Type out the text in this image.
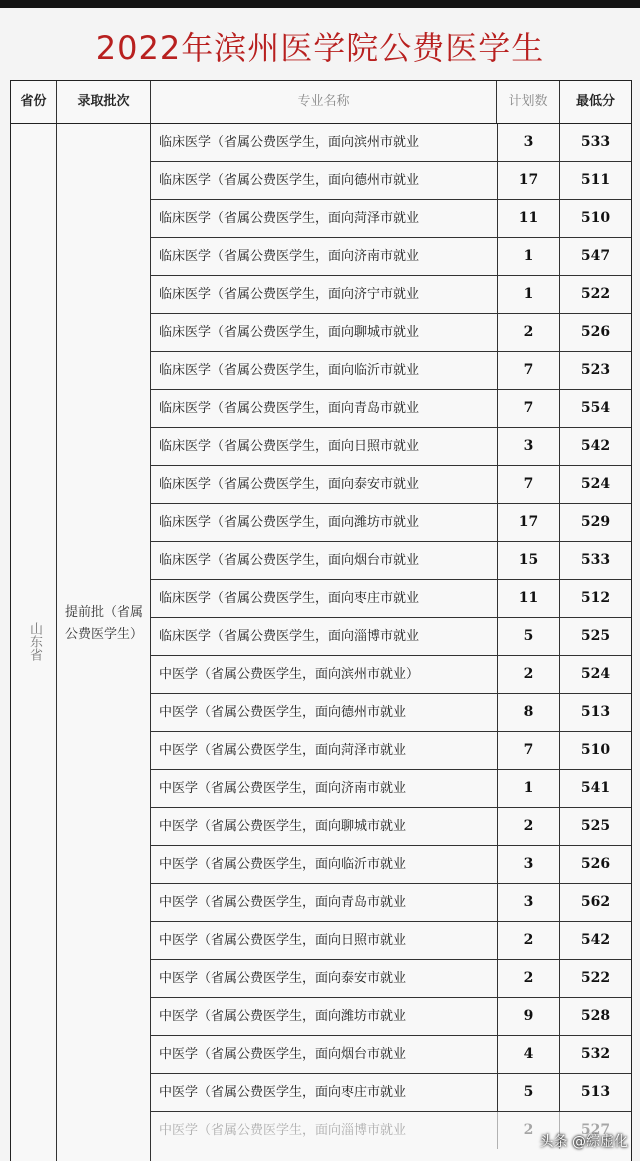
2022年滨州医学院公费医学生
省份	录取批次	专业名称	计划数	最低分
山东省
提前批（省属公费医学生）
临床医学（省属公费医学生，面向滨州市就业	3	533
临床医学（省属公费医学生，面向德州市就业	17	511
临床医学（省属公费医学生，面向菏泽市就业	11	510
临床医学（省属公费医学生，面向济南市就业	1	547
临床医学（省属公费医学生，面向济宁市就业	1	522
临床医学（省属公费医学生，面向聊城市就业	2	526
临床医学（省属公费医学生，面向临沂市就业	7	523
临床医学（省属公费医学生，面向青岛市就业	7	554
临床医学（省属公费医学生，面向日照市就业	3	542
临床医学（省属公费医学生，面向泰安市就业	7	524
临床医学（省属公费医学生，面向潍坊市就业	17	529
临床医学（省属公费医学生，面向烟台市就业	15	533
临床医学（省属公费医学生，面向枣庄市就业	11	512
临床医学（省属公费医学生，面向淄博市就业	5	525
中医学（省属公费医学生，面向滨州市就业）	2	524
中医学（省属公费医学生，面向德州市就业	8	513
中医学（省属公费医学生，面向菏泽市就业	7	510
中医学（省属公费医学生，面向济南市就业	1	541
中医学（省属公费医学生，面向聊城市就业	2	525
中医学（省属公费医学生，面向临沂市就业	3	526
中医学（省属公费医学生，面向青岛市就业	3	562
中医学（省属公费医学生，面向日照市就业	2	542
中医学（省属公费医学生，面向泰安市就业	2	522
中医学（省属公费医学生，面向潍坊市就业	9	528
中医学（省属公费医学生，面向烟台市就业	4	532
中医学（省属公费医学生，面向枣庄市就业	5	513
中医学（省属公费医学生，面向淄博市就业	2	527
头条 @綜虚化
